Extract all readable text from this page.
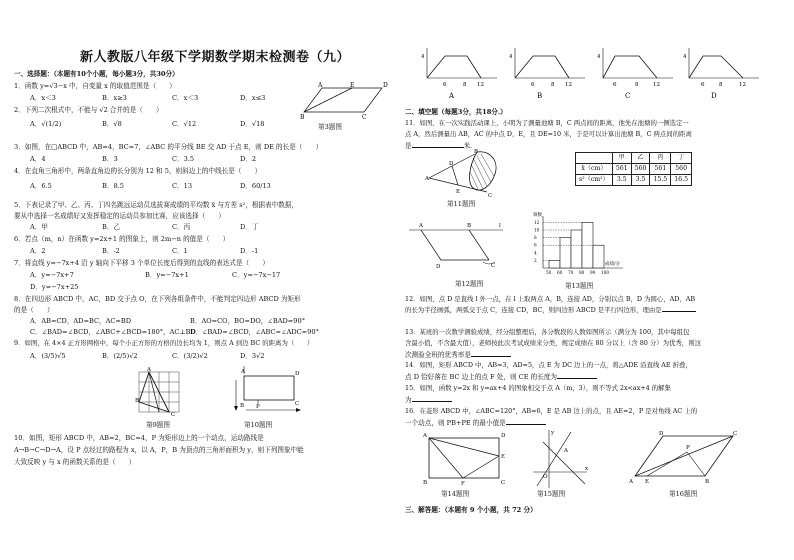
新人教版八年级下学期数学期末检测卷（九）
一、选择题：（本题有10个小题，每小题3分，共30分）
1．函数 y=√3−x 中，自变量 x 的取值范围是（　　）
A．x＜3	B．x≥3	C．x＜3	D．x≤3
2．下列二次根式中，不能与 √2 合并的是（　　）
A．√(1/2)	B．√8	C．√12	D．√18
A	E	D
B	C
第3题图
3．如图，在□ABCD 中，AB=4，BC=7，∠ABC 的平分线 BE 交 AD 于点 E，则 DE 的长是（　　）
A．4	B．3	C．3.5	D．2
4．在直角三角形中，两条直角边的长分别为 12 和 5，则斜边上的中线长是（　　）
A．6.5	B．8.5	C．13	D．60/13
5．下表记录了甲、乙、丙、丁四名跳远运动员选拔赛成绩的平均数 x̄ 与方差 s²，根据表中数据，
要从中选择一名成绩好又发挥稳定的运动员参加比赛，应该选择（　　）
A．甲	B．乙	C．丙	D．丁
6．若点（m，n）在函数 y=2x+1 的图象上，则 2m−n 的值是（　　）
A．2	B．-2	C．1	D．-1
7．将直线 y=−7x+4 沿 y 轴向下平移 3 个单位长度后得到的直线的表达式是（　　）
A．y=−7x+7	B．y=−7x+1	C．y=−7x−17
D．y=−7x+25
8．在四边形 ABCD 中，AC，BD 交于点 O，在下列各组条件中，不能判定四边形 ABCD 为矩形
的是（　　）
A．AB=CD，AD=BC，AC=BD	B．AO=CO，BO=DO，∠BAD=90°
C．∠BAD=∠BCD，∠ABC+∠BCD=180°，AC⊥BD
D．∠BAD=∠BCD，∠ABC=∠ADC=90°
9．如图，在 4×4 正方形网格中，每个小正方形的方格的边长均为 1，则点 A 到边 BC 的距离为（　　）
A．(3/5)√5	B．(2/5)√2	C．(3/2)√2	D．3√2
A
B
C
第9题图
A	D
B P	C
第10题图
10．如图，矩形 ABCD 中，AB=2，BC=4，P 为矩形边上的一个动点，运动路线是
A→B→C→D→A，设 P 点经过的路程为 x，以 A，P，B 为顶点的三角形面积为 y，则下列图象中能
大致反映 y 与 x 的函数关系的是（　　）
4
6	8 12
A
4
6	8 12
B
4
6	8	12
C
4
6	8	12
D
二、填空题（每题3分，共18分.）
11．如图，在一次实践活动课上，小明为了测量池塘 B，C 两点间的距离，他先在池塘的一侧选定一
点 A，然后测量出 AB，AC 的中点 D，E，且 DE=10 米，于是可以计算出池塘 B，C 两点间的距离
是	米.
A
B
C
D
E
第11题图
	甲	乙	丙	丁
x̄（cm）	561	560	561	560
s²（cm²）	3.5	3.5	15.5	16.5
A	B	l
D	C
第12题图
频数
成绩/分
2
4
6
8
10
12
50 60 70 80 90 100
第13题图
12．如图，点 D 是直线 l 外一点，在 l 上取两点 A，B，连接 AD，分别以点 B，D 为圆心，AD，AB
的长为半径画弧，两弧交于点 C，连接 CD，BC，则四边形 ABCD 是平行四边形，理由是
13．某班的一次数学测验成绩，经分组整理后，各分数段的人数如图所示（满分为 100，其中每组包
含最小值，不含最大值），老师按此次考试成绩来分类，规定成绩在 80 分以上（含 80 分）为优秀，则这
次测验全班的优秀率是
14．如图，矩形 ABCD 中，AB=3，AD=5，点 E 为 DC 边上的一点，将△ADE 沿直线 AE 折叠，
点 D 恰好落在 BC 边上的点 F 处，则 CE 的长度为
15．如图，函数 y=2x 和 y=ax+4 的图象相交于点 A（m，3），则不等式 2x<ax+4 的解集
为
16．在菱形 ABCD 中，∠ABC=120°，AB=6，E 是 AB 边上的点，且 AE=2，P 是对角线 AC 上的
一个动点，则 PB+PE 的最小值是
A	D
E
B	F	C
第14题图
y
x
O
A
第15题图
D	C
P
A E	B
第16题图
三、解答题：（本题有 9 个小题，共 72 分）
